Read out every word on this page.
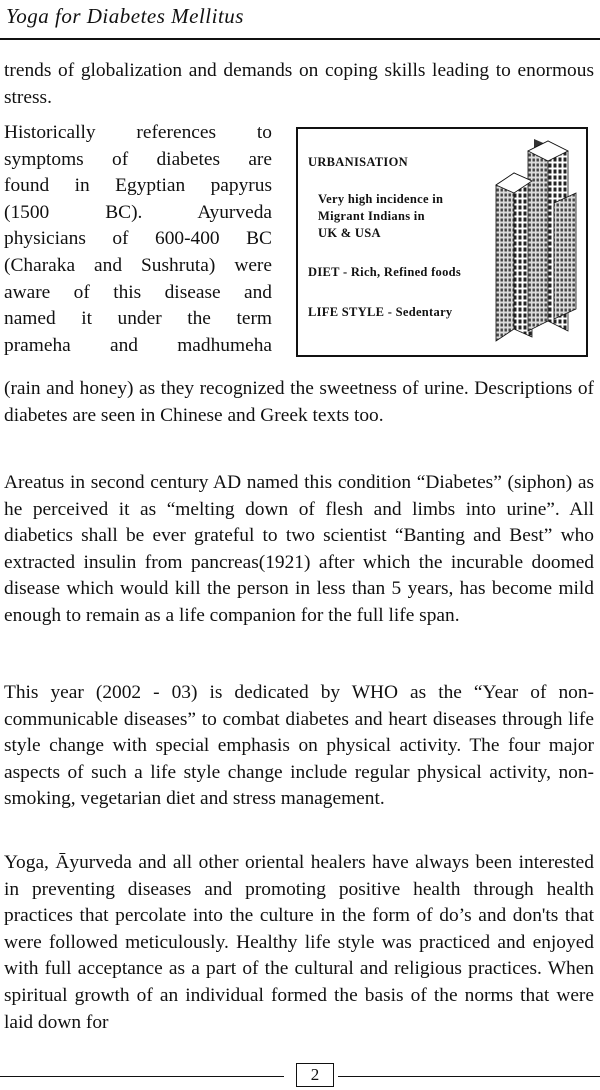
Yoga for Diabetes Mellitus

trends of globalization and demands on coping skills leading to enormous stress.

Historically references to
symptoms of diabetes are
found in Egyptian papyrus
(1500 BC). Ayurveda
physicians of 600-400 BC
(Charaka and Sushruta) were
aware of this disease and
named it under the term
prameha and madhumeha

URBANISATION
Very high incidence in
Migrant Indians in
UK & USA
DIET - Rich, Refined foods
LIFE STYLE - Sedentary

(rain and honey) as they recognized the sweetness of urine. Descriptions of diabetes are seen in Chinese and Greek texts too.

Areatus in second century AD named this condition “Diabetes” (siphon) as he perceived it as “melting down of flesh and limbs into urine”. All diabetics shall be ever grateful to two scientist “Banting and Best” who extracted insulin from pancreas(1921) after which the incurable doomed disease which would kill the person in less than 5 years, has become mild enough to remain as a life companion for the full life span.

This year (2002 - 03) is dedicated by WHO as the “Year of non-communicable diseases” to combat diabetes and heart diseases through life style change with special emphasis on physical activity. The four major aspects of such a life style change include regular physical activity, non-smoking, vegetarian diet and stress management.

Yoga, Āyurveda and all other oriental healers have always been interested in preventing diseases and promoting positive health through health practices that percolate into the culture in the form of do’s and don'ts that were followed meticulously. Healthy life style was practiced and enjoyed with full acceptance as a part of the cultural and religious practices. When spiritual growth of an individual formed the basis of the norms that were laid down for

2
